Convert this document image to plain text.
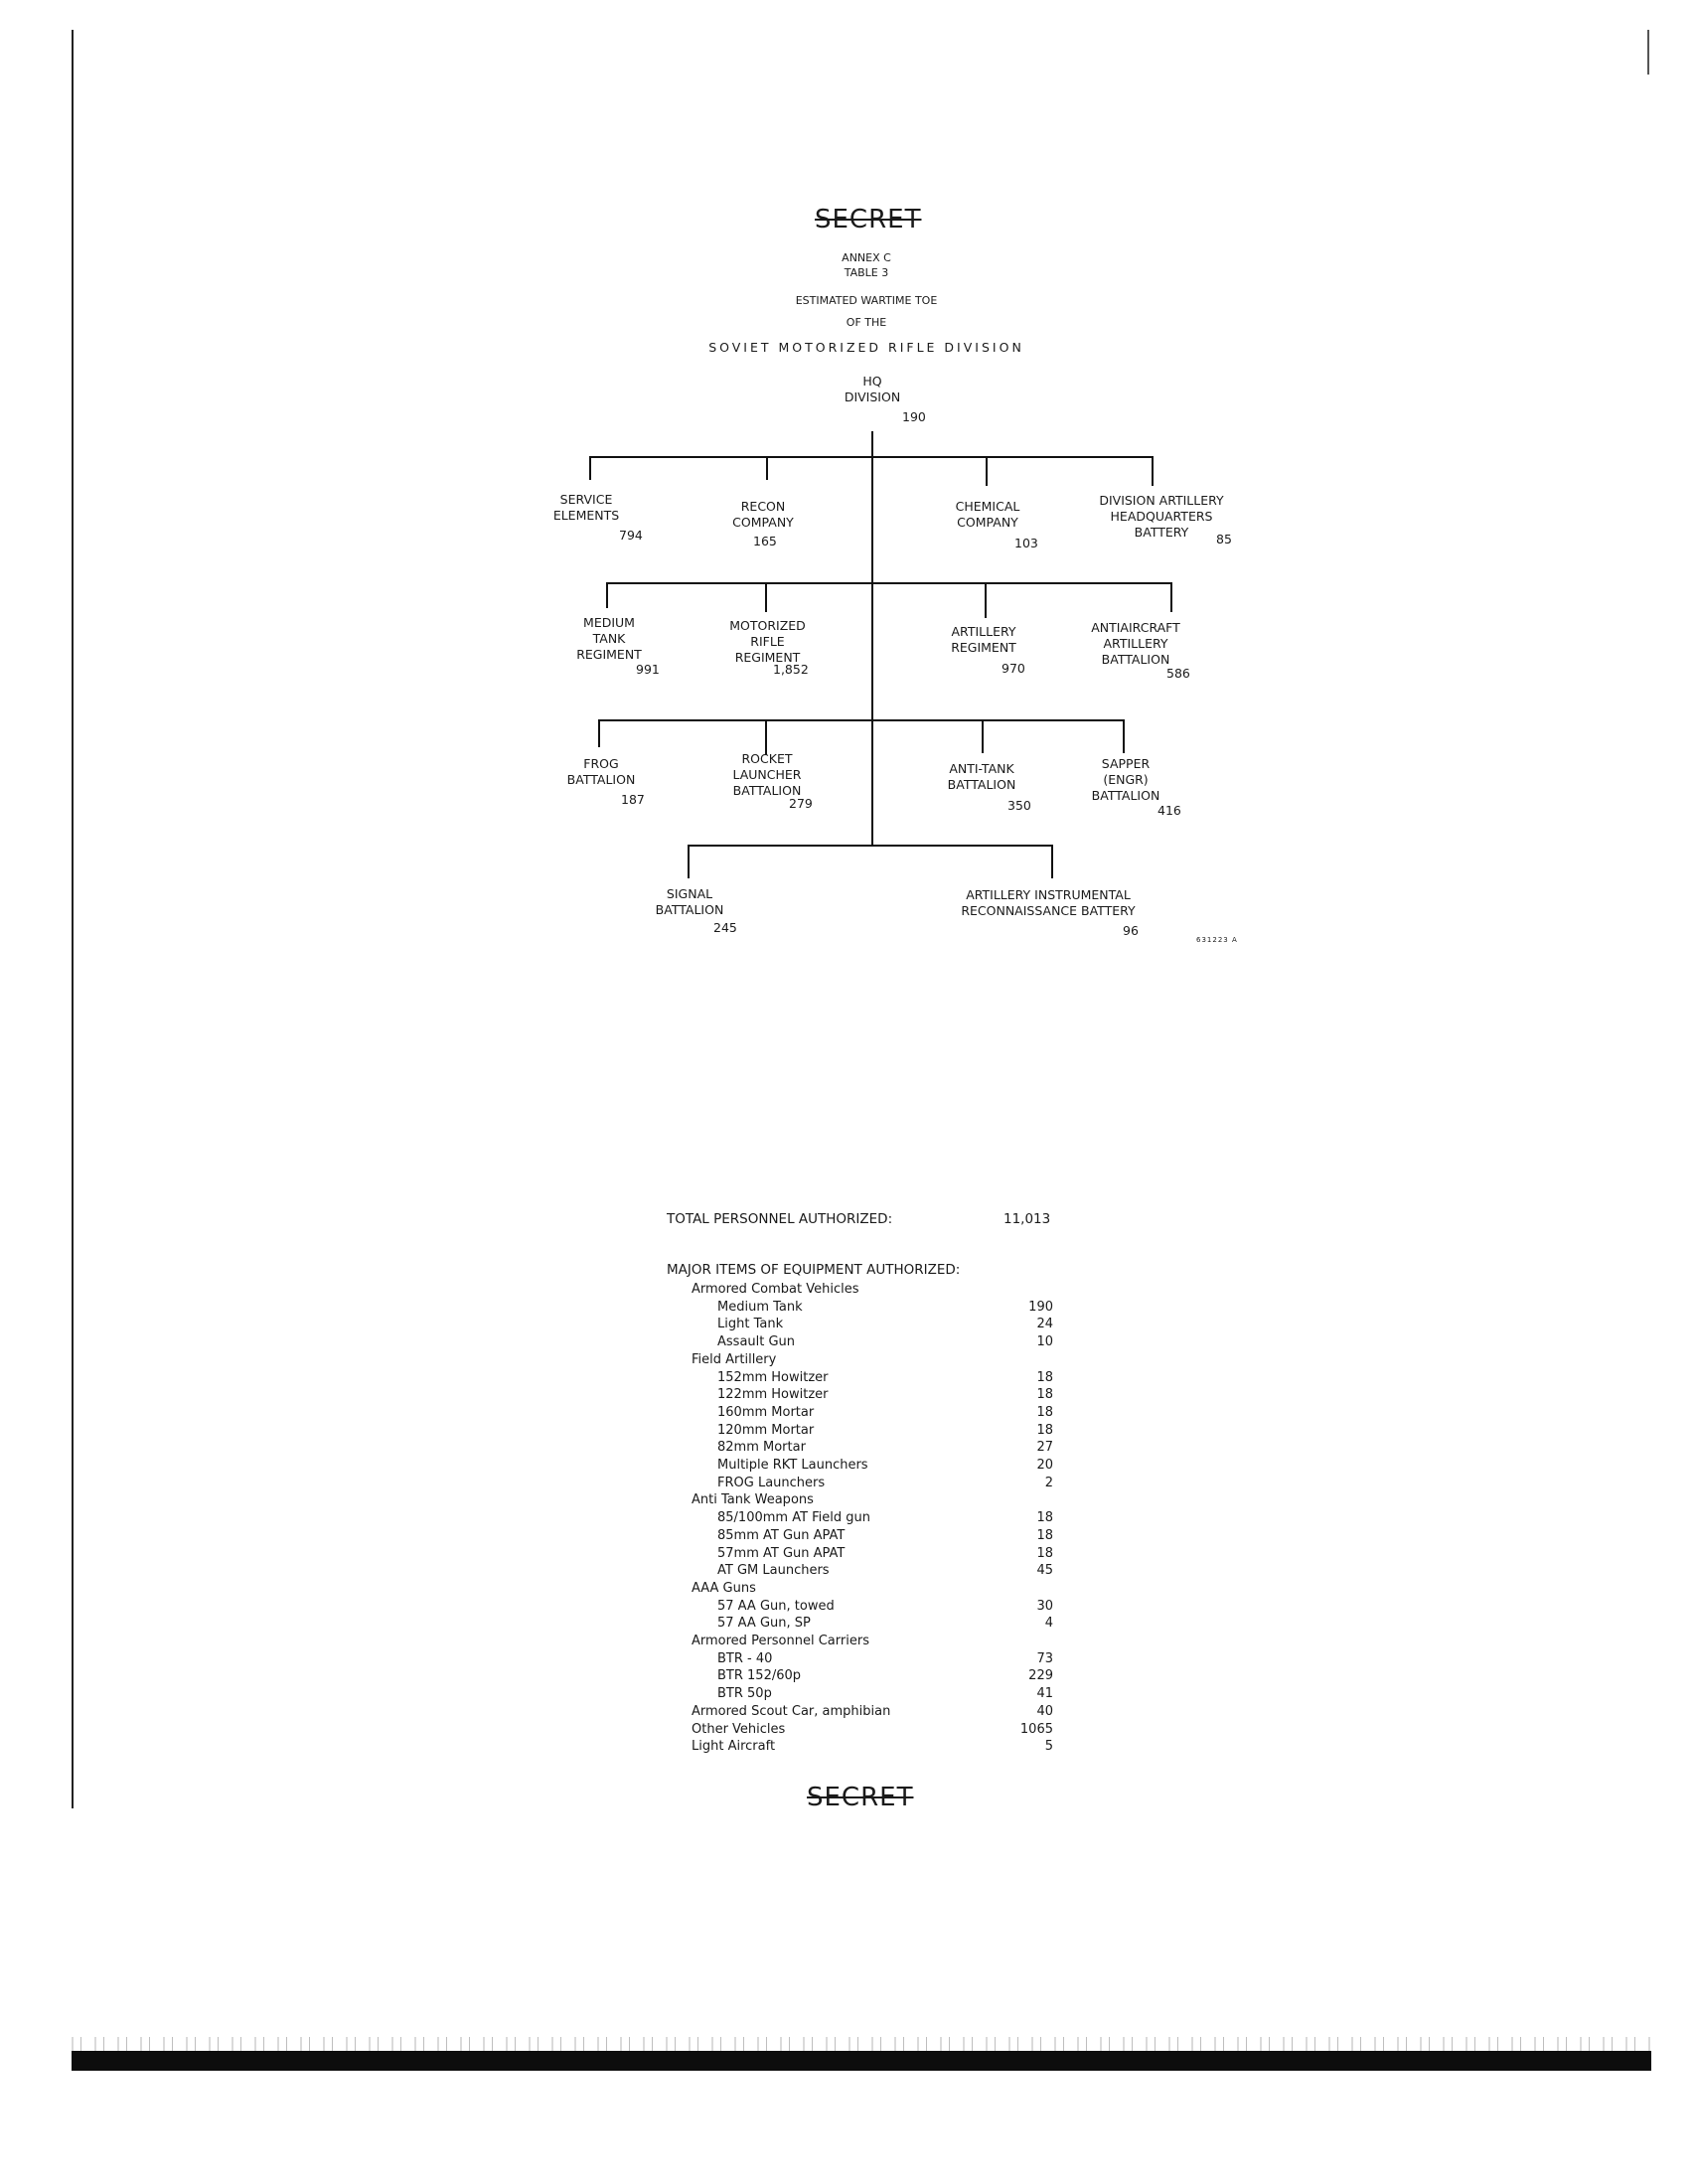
SECRET
ANNEX C
TABLE 3
ESTIMATED WARTIME TOE
OF THE
SOVIET MOTORIZED RIFLE DIVISION
HQ
DIVISION
190
SERVICE
ELEMENTS
794
RECON
COMPANY
165
CHEMICAL
COMPANY
103
DIVISION ARTILLERY
HEADQUARTERS
BATTERY	85
MEDIUM
TANK
REGIMENT
991
MOTORIZED
RIFLE
REGIMENT
1,852
ARTILLERY
REGIMENT
970
ANTIAIRCRAFT
ARTILLERY
BATTALION
586
FROG
BATTALION
187
ROCKET
LAUNCHER
BATTALION
279
ANTI-TANK
BATTALION
350
SAPPER
(ENGR)
BATTALION
416
SIGNAL
BATTALION
245
ARTILLERY INSTRUMENTAL
RECONNAISSANCE BATTERY
96
631223 A
TOTAL PERSONNEL AUTHORIZED:	11,013
MAJOR ITEMS OF EQUIPMENT AUTHORIZED:
Armored Combat Vehicles
Medium Tank	190
Light Tank	24
Assault Gun	10
Field Artillery
152mm Howitzer	18
122mm Howitzer	18
160mm Mortar	18
120mm Mortar	18
82mm Mortar	27
Multiple RKT Launchers	20
FROG Launchers	2
Anti Tank Weapons
85/100mm AT Field gun	18
85mm AT Gun APAT	18
57mm AT Gun APAT	18
AT GM Launchers	45
AAA Guns
57 AA Gun, towed	30
57 AA Gun, SP	4
Armored Personnel Carriers
BTR - 40	73
BTR 152/60p	229
BTR 50p	41
Armored Scout Car, amphibian	40
Other Vehicles	1065
Light Aircraft	5
SECRET
